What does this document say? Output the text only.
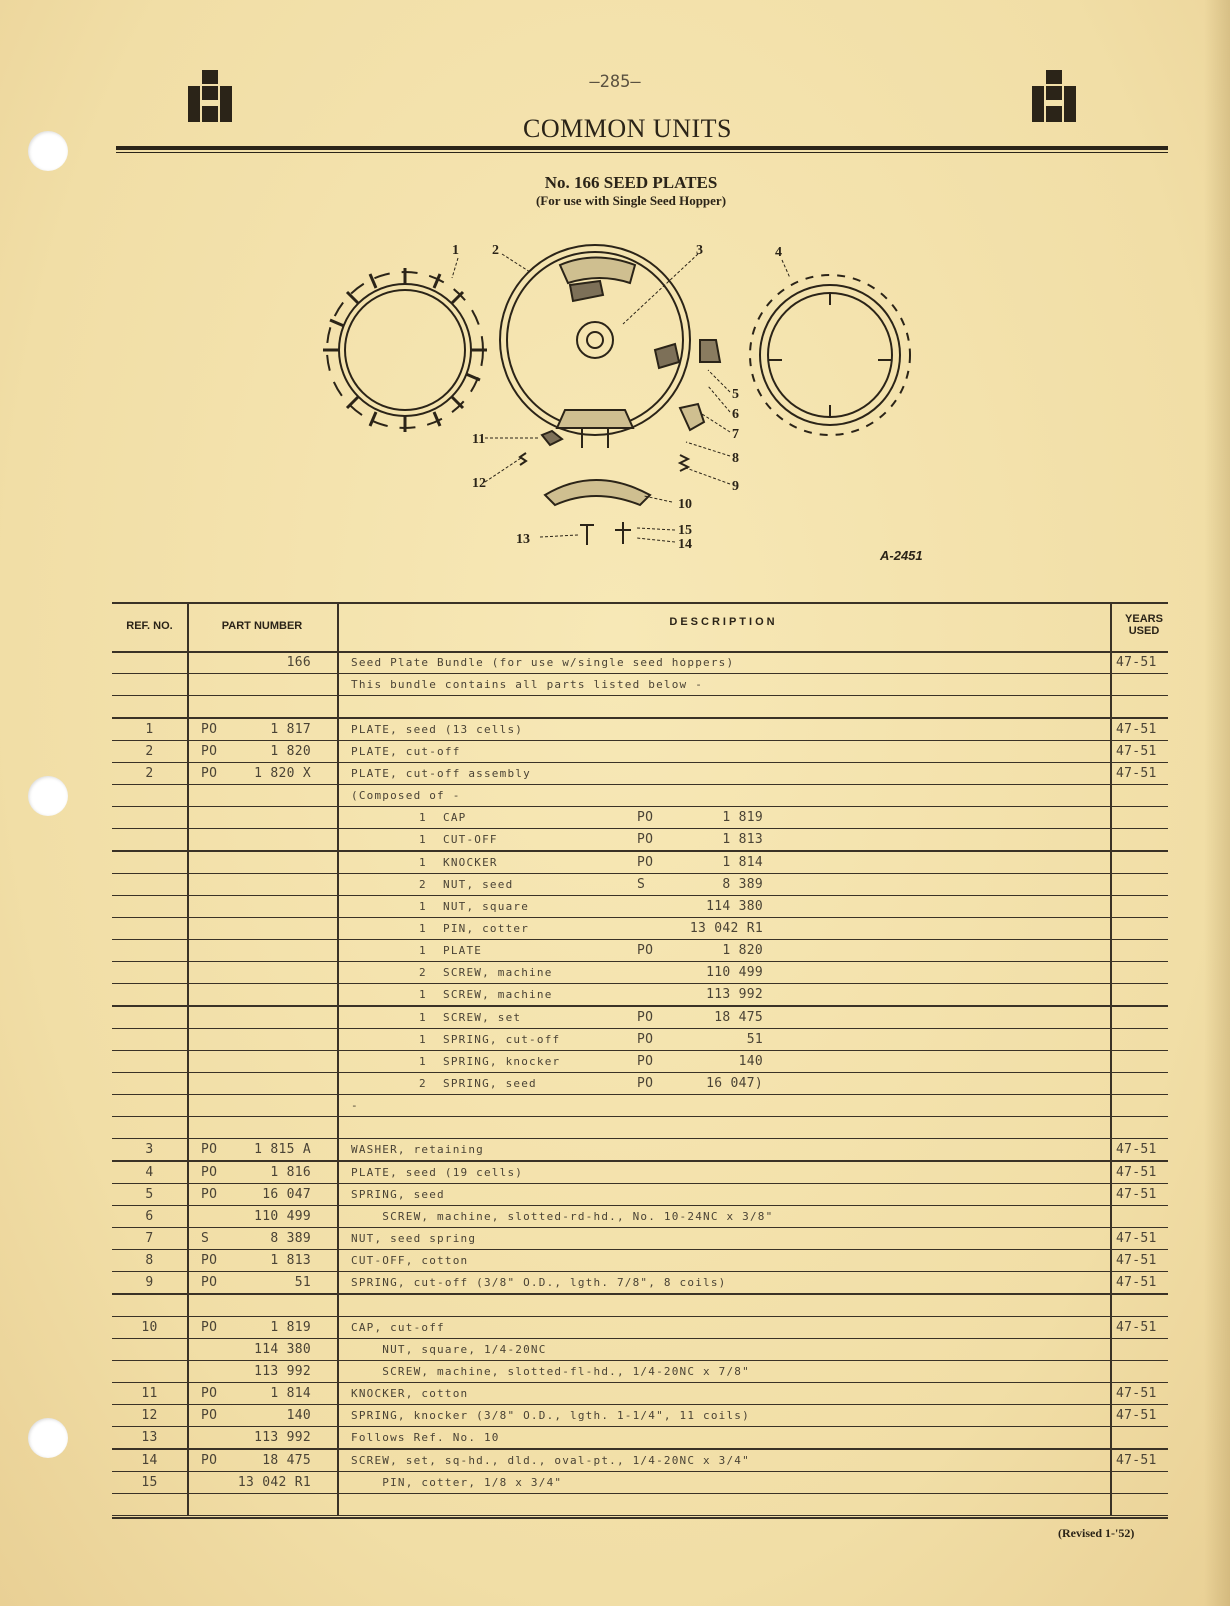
—285—
COMMON UNITS
No. 166 SEED PLATES
(For use with Single Seed Hopper)
1 2	3	4
5
6
7
8
9
10
11
12
13	14
15
A-2451
REF. NO.	PART NUMBER	DESCRIPTION	YEARS
USED
166	Seed Plate Bundle (for use w/single seed hoppers)	47-51
This bundle contains all parts listed below -
1	PO	1 817	PLATE, seed (13 cells)	47-51
2	PO	1 820	PLATE, cut-off	47-51
2	PO	1 820 X	PLATE, cut-off assembly	47-51
(Composed of -
1 CAP	PO	1 819
1 CUT-OFF	PO	1 813
1 KNOCKER	PO	1 814
2 NUT, seed	S	8 389
1 NUT, square	114 380
1 PIN, cotter	13 042 R1
1 PLATE	PO	1 820
2 SCREW, machine	110 499
1 SCREW, machine	113 992
1 SCREW, set	PO	18 475
1 SPRING, cut-off	PO	51
1 SPRING, knocker	PO	140
2 SPRING, seed	PO	16 047)
-
3	PO	1 815 A	WASHER, retaining	47-51
4	PO	1 816	PLATE, seed (19 cells)	47-51
5	PO	16 047	SPRING, seed	47-51
6	110 499	SCREW, machine, slotted-rd-hd., No. 10-24NC x 3/8"
7	S	8 389	NUT, seed spring	47-51
8	PO	1 813	CUT-OFF, cotton	47-51
9	PO	51	SPRING, cut-off (3/8" O.D., lgth. 7/8", 8 coils)	47-51
10	PO	1 819	CAP, cut-off	47-51
114 380	NUT, square, 1/4-20NC
113 992	SCREW, machine, slotted-fl-hd., 1/4-20NC x 7/8"
11	PO	1 814	KNOCKER, cotton	47-51
12	PO	140	SPRING, knocker (3/8" O.D., lgth. 1-1/4", 11 coils)	47-51
13	113 992	Follows Ref. No. 10
14	PO	18 475	SCREW, set, sq-hd., dld., oval-pt., 1/4-20NC x 3/4"	47-51
15	13 042 R1	PIN, cotter, 1/8 x 3/4"
(Revised 1-'52)
